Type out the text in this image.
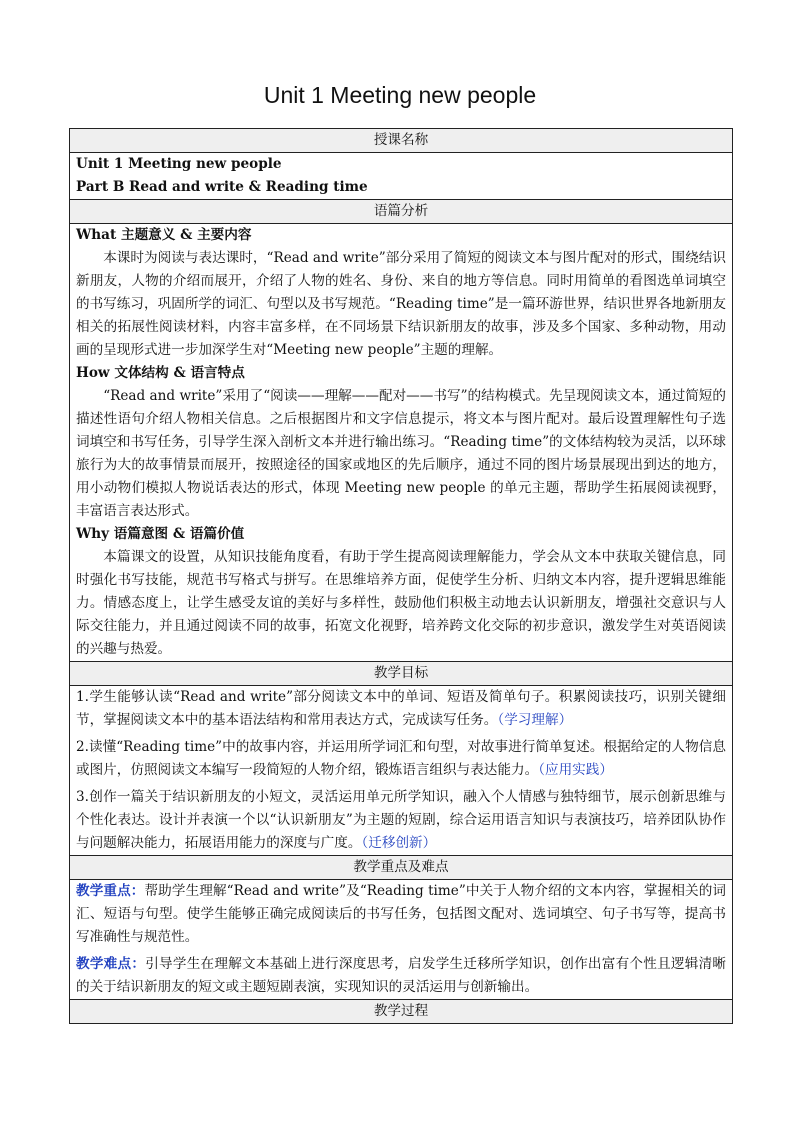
Unit 1 Meeting new people
授课名称

Unit 1 Meeting new people
Part B Read and write & Reading time

语篇分析

What 主题意义 & 主要内容

本课时为阅读与表达课时，“Read and write”部分采用了简短的阅读文本与图片配对的形式，围绕结识新朋友，人物的介绍而展开，介绍了人物的姓名、身份、来自的地方等信息。同时用简单的看图选单词填空的书写练习，巩固所学的词汇、句型以及书写规范。“Reading time”是一篇环游世界，结识世界各地新朋友相关的拓展性阅读材料，内容丰富多样，在不同场景下结识新朋友的故事，涉及多个国家、多种动物，用动画的呈现形式进一步加深学生对“Meeting new people”主题的理解。

How 文体结构 & 语言特点

“Read and write”采用了“阅读——理解——配对——书写”的结构模式。先呈现阅读文本，通过简短的描述性语句介绍人物相关信息。之后根据图片和文字信息提示，将文本与图片配对。最后设置理解性句子选词填空和书写任务，引导学生深入剖析文本并进行输出练习。“Reading time”的文体结构较为灵活，以环球旅行为大的故事情景而展开，按照途径的国家或地区的先后顺序，通过不同的图片场景展现出到达的地方，用小动物们模拟人物说话表达的形式，体现 Meeting new people 的单元主题，帮助学生拓展阅读视野，丰富语言表达形式。

Why 语篇意图 & 语篇价值

本篇课文的设置，从知识技能角度看，有助于学生提高阅读理解能力，学会从文本中获取关键信息，同时强化书写技能，规范书写格式与拼写。在思维培养方面，促使学生分析、归纳文本内容，提升逻辑思维能力。情感态度上，让学生感受友谊的美好与多样性，鼓励他们积极主动地去认识新朋友，增强社交意识与人际交往能力，并且通过阅读不同的故事，拓宽文化视野，培养跨文化交际的初步意识，激发学生对英语阅读的兴趣与热爱。

教学目标

1.学生能够认读“Read and write”部分阅读文本中的单词、短语及简单句子。积累阅读技巧，识别关键细节，掌握阅读文本中的基本语法结构和常用表达方式，完成读写任务。（学习理解）

2.读懂“Reading time”中的故事内容，并运用所学词汇和句型，对故事进行简单复述。根据给定的人物信息或图片，仿照阅读文本编写一段简短的人物介绍，锻炼语言组织与表达能力。（应用实践）

3.创作一篇关于结识新朋友的小短文，灵活运用单元所学知识，融入个人情感与独特细节，展示创新思维与个性化表达。设计并表演一个以“认识新朋友”为主题的短剧，综合运用语言知识与表演技巧，培养团队协作与问题解决能力，拓展语用能力的深度与广度。（迁移创新）

教学重点及难点

教学重点：帮助学生理解“Read and write”及“Reading time”中关于人物介绍的文本内容，掌握相关的词汇、短语与句型。使学生能够正确完成阅读后的书写任务，包括图文配对、选词填空、句子书写等，提高书写准确性与规范性。

教学难点：引导学生在理解文本基础上进行深度思考，启发学生迁移所学知识，创作出富有个性且逻辑清晰的关于结识新朋友的短文或主题短剧表演，实现知识的灵活运用与创新输出。

教学过程
